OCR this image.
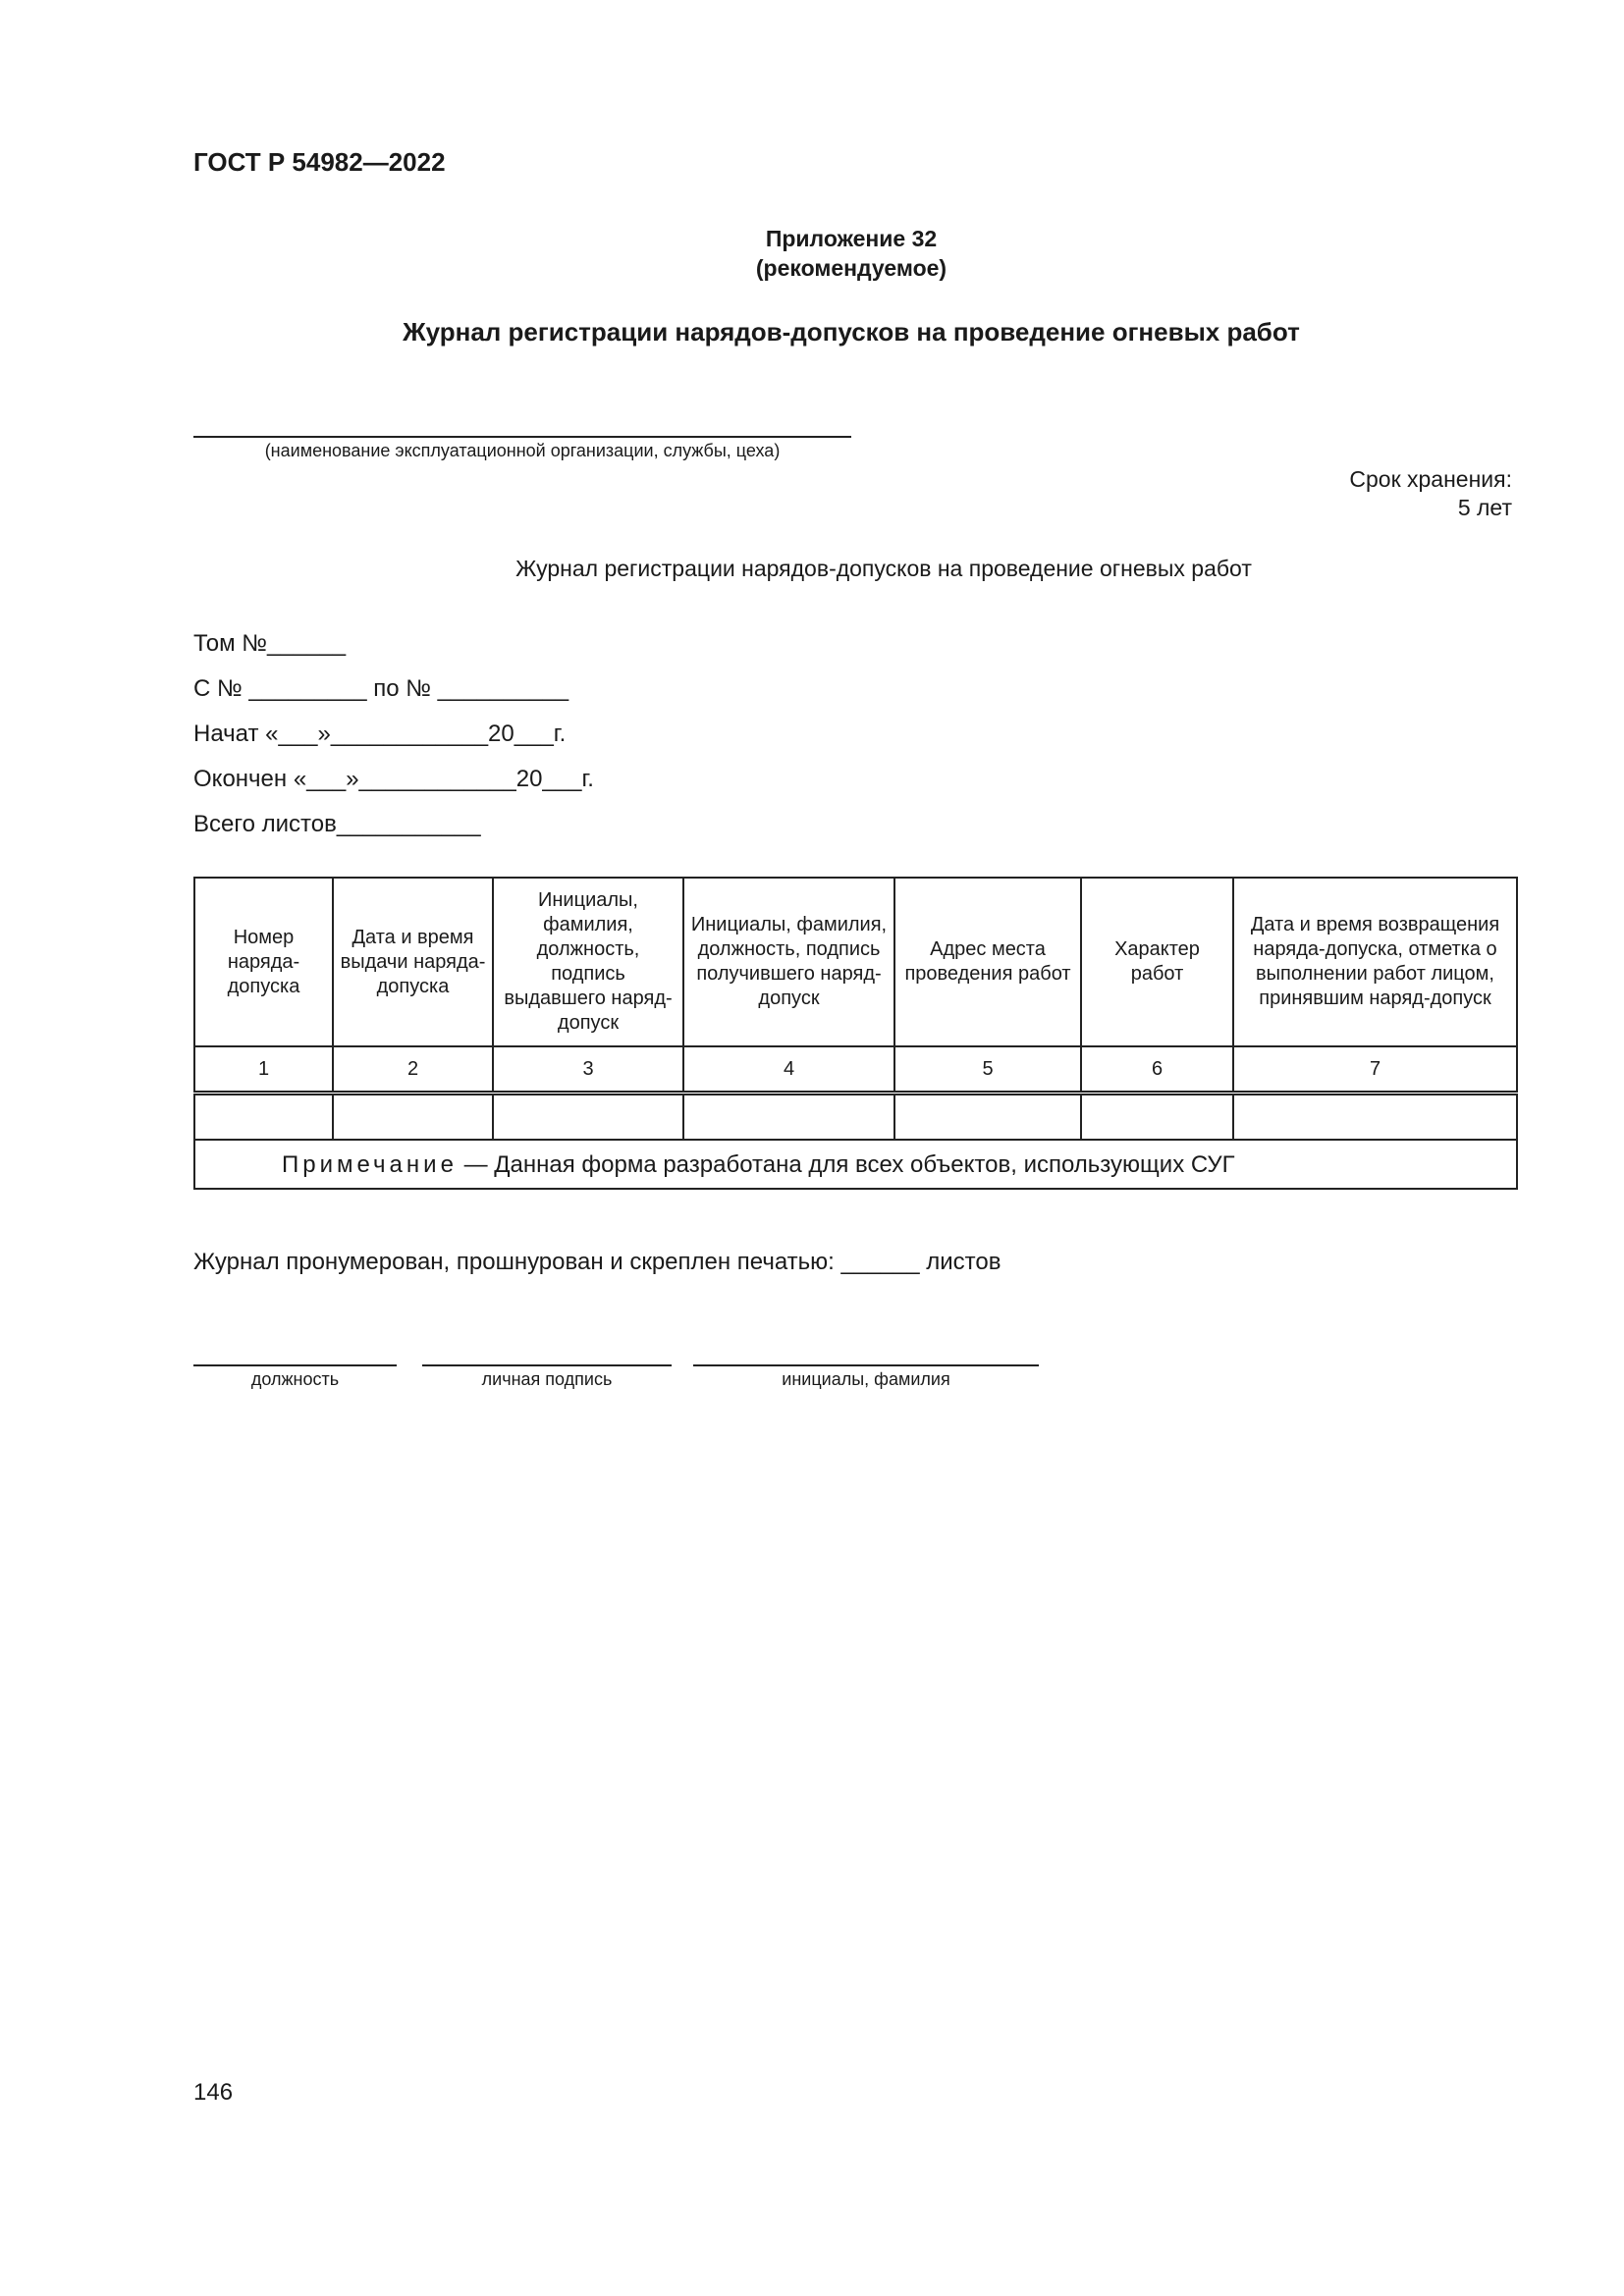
ГОСТ Р 54982—2022
Приложение 32
(рекомендуемое)
Журнал регистрации нарядов-допусков на проведение огневых работ
(наименование эксплуатационной организации, службы, цеха)
Срок хранения:
5 лет
Журнал регистрации нарядов-допусков на проведение огневых работ
Том №______
С № _________ по № __________
Начат «___»____________20___г.
Окончен «___»____________20___г.
Всего листов___________
Номер наряда-допуска	Дата и время выдачи наряда-допуска	Инициалы, фамилия, должность, подпись выдавшего наряд-допуск	Инициалы, фамилия, должность, подпись получившего наряд-допуск	Адрес места проведения работ	Характер работ	Дата и время возвращения наряда-допуска, отметка о выполнении работ лицом, принявшим наряд-допуск
1	2	3	4	5	6	7

Примечание — Данная форма разработана для всех объектов, использующих СУГ						
Журнал пронумерован, прошнурован и скреплен печатью: ______ листов
должность	личная подпись	инициалы, фамилия
146
